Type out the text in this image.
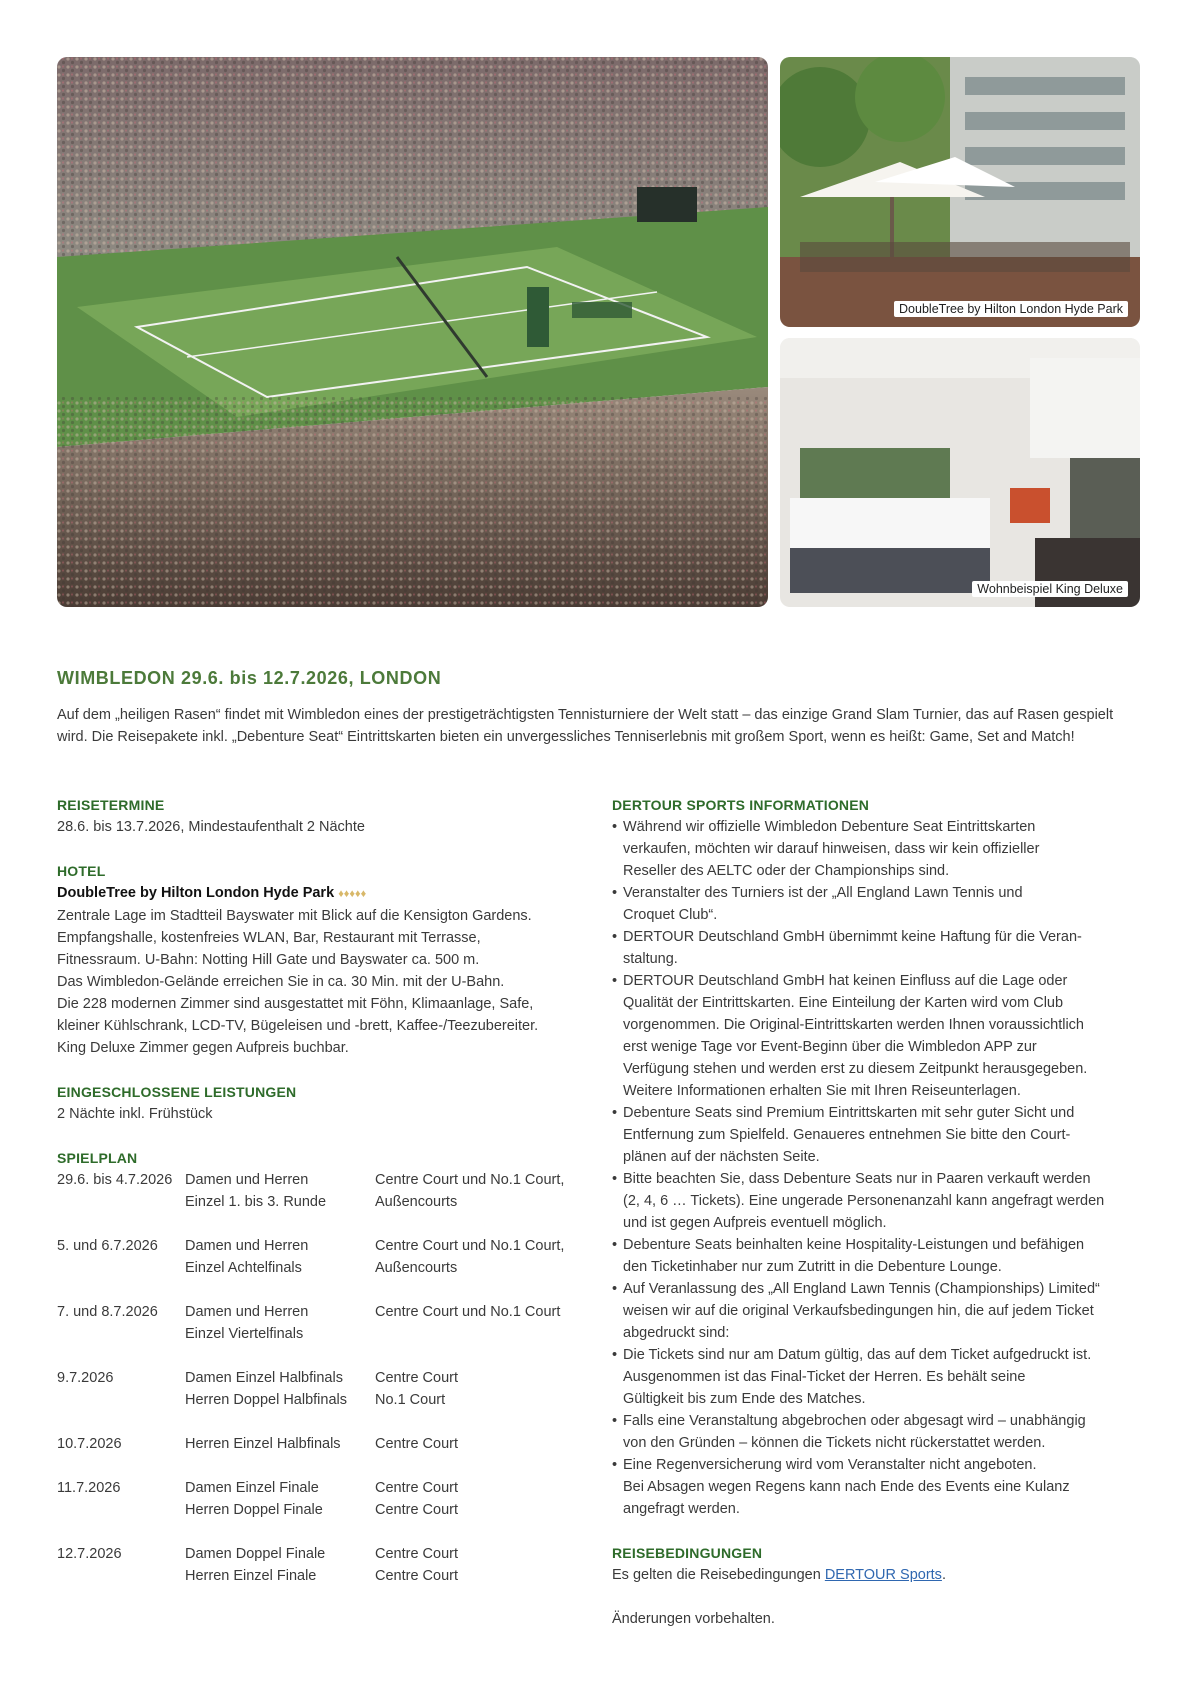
DoubleTree by Hilton London Hyde Park
Wohnbeispiel King Deluxe
WIMBLEDON 29.6. bis 12.7.2026, LONDON

Auf dem „heiligen Rasen“ findet mit Wimbledon eines der prestigeträchtigsten Tennisturniere der Welt statt – das einzige Grand Slam Turnier, das auf Rasen gespielt wird. Die Reisepakete inkl. „Debenture Seat“ Eintrittskarten bieten ein unvergessliches Tenniserlebnis mit großem Sport, wenn es heißt: Game, Set and Match!

REISETERMINE

28.6. bis 13.7.2026, Mindestaufenthalt 2 Nächte

HOTEL

DoubleTree by Hilton London Hyde Park ♦♦♦♦♦

Zentrale Lage im Stadtteil Bayswater mit Blick auf die Kensigton Gardens.
Empfangshalle, kostenfreies WLAN, Bar, Restaurant mit Terrasse,
Fitnessraum. U-Bahn: Notting Hill Gate und Bayswater ca. 500 m.
Das Wimbledon-Gelände erreichen Sie in ca. 30 Min. mit der U-Bahn.
Die 228 modernen Zimmer sind ausgestattet mit Föhn, Klimaanlage, Safe,
kleiner Kühlschrank, LCD-TV, Bügeleisen und -brett, Kaffee-/Teezubereiter.
King Deluxe Zimmer gegen Aufpreis buchbar.

EINGESCHLOSSENE LEISTUNGEN

2 Nächte inkl. Frühstück

SPIELPLAN

29.6. bis 4.7.2026 Damen und Herren	Centre Court und No.1 Court,
Einzel 1. bis 3. Runde	Außencourts
5. und 6.7.2026	Damen und Herren	Centre Court und No.1 Court,
Einzel Achtelfinals	Außencourts
7. und 8.7.2026	Damen und Herren	Centre Court und No.1 Court
Einzel Viertelfinals
9.7.2026	Damen Einzel Halbfinals	Centre Court
Herren Doppel Halbfinals	No.1 Court
10.7.2026	Herren Einzel Halbfinals	Centre Court
11.7.2026	Damen Einzel Finale	Centre Court
Herren Doppel Finale	Centre Court
12.7.2026	Damen Doppel Finale	Centre Court
Herren Einzel Finale	Centre Court

DERTOUR SPORTS INFORMATIONEN

• Während wir offizielle Wimbledon Debenture Seat Eintrittskarten
verkaufen, möchten wir darauf hinweisen, dass wir kein offizieller
Reseller des AELTC oder der Championships sind.
• Veranstalter des Turniers ist der „All England Lawn Tennis und
Croquet Club“.
• DERTOUR Deutschland GmbH übernimmt keine Haftung für die Veran-
staltung.
• DERTOUR Deutschland GmbH hat keinen Einfluss auf die Lage oder
Qualität der Eintrittskarten. Eine Einteilung der Karten wird vom Club
vorgenommen. Die Original-Eintrittskarten werden Ihnen voraussichtlich
erst wenige Tage vor Event-Beginn über die Wimbledon APP zur
Verfügung stehen und werden erst zu diesem Zeitpunkt herausgegeben.
Weitere Informationen erhalten Sie mit Ihren Reiseunterlagen.
• Debenture Seats sind Premium Eintrittskarten mit sehr guter Sicht und
Entfernung zum Spielfeld. Genaueres entnehmen Sie bitte den Court-
plänen auf der nächsten Seite.
• Bitte beachten Sie, dass Debenture Seats nur in Paaren verkauft werden
(2, 4, 6 … Tickets). Eine ungerade Personenanzahl kann angefragt werden
und ist gegen Aufpreis eventuell möglich.
• Debenture Seats beinhalten keine Hospitality-Leistungen und befähigen
den Ticketinhaber nur zum Zutritt in die Debenture Lounge.
• Auf Veranlassung des „All England Lawn Tennis (Championships) Limited“
weisen wir auf die original Verkaufsbedingungen hin, die auf jedem Ticket
abgedruckt sind:
• Die Tickets sind nur am Datum gültig, das auf dem Ticket aufgedruckt ist.
Ausgenommen ist das Final-Ticket der Herren. Es behält seine
Gültigkeit bis zum Ende des Matches.
• Falls eine Veranstaltung abgebrochen oder abgesagt wird – unabhängig
von den Gründen – können die Tickets nicht rückerstattet werden.
• Eine Regenversicherung wird vom Veranstalter nicht angeboten.
Bei Absagen wegen Regens kann nach Ende des Events eine Kulanz
angefragt werden.

REISEBEDINGUNGEN

Es gelten die Reisebedingungen DERTOUR Sports.

Änderungen vorbehalten.
